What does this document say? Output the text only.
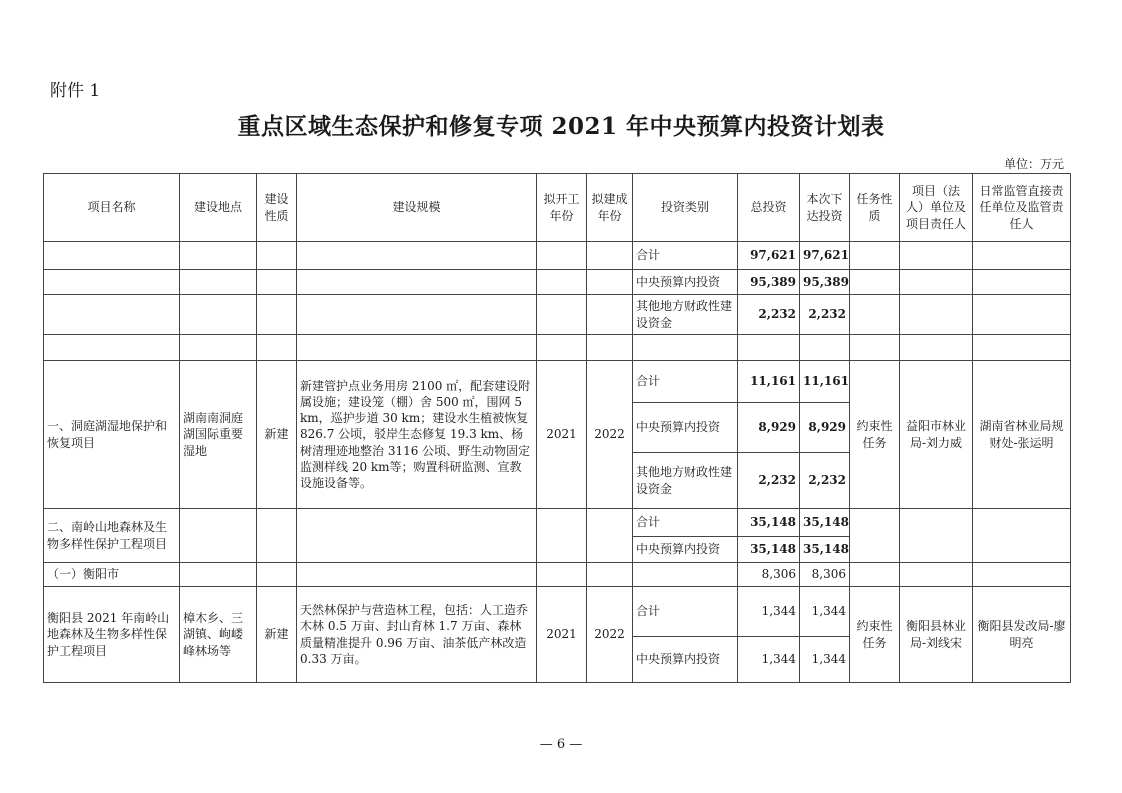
附件 1
重点区域生态保护和修复专项 2021 年中央预算内投资计划表
单位：万元
项目名称	建设地点	建设性质	建设规模	拟开工年份	拟建成年份	投资类别	总投资	本次下达投资	任务性质	项目（法人）单位及项目责任人	日常监管直接责任单位及监管责任人
						合计	97,621	97,621			
						中央预算内投资	95,389	95,389			
						其他地方财政性建设资金	2,232	2,232			

一、洞庭湖湿地保护和恢复项目	湖南南洞庭湖国际重要湿地	新建	新建管护点业务用房 2100 ㎡，配套建设附属设施；建设笼（棚）舍 500 ㎡，围网 5 km，巡护步道 30 km；建设水生植被恢复 826.7 公顷，驳岸生态修复 19.3 km、杨树清理迹地整治 3116 公顷、野生动物固定监测样线 20 km等；购置科研监测、宣教设施设备等。	2021	2022	合计	11,161	11,161	约束性任务	益阳市林业局-刘力威	湖南省林业局规财处-张运明
						中央预算内投资	8,929	8,929			
						其他地方财政性建设资金	2,232	2,232			
二、南岭山地森林及生物多样性保护工程项目						合计	35,148	35,148			
						中央预算内投资	35,148	35,148			
（一）衡阳市							8,306	8,306			
衡阳县 2021 年南岭山地森林及生物多样性保护工程项目	樟木乡、三湖镇、岣嵝峰林场等	新建	天然林保护与营造林工程，包括：人工造乔木林 0.5 万亩、封山育林 1.7 万亩、森林质量精准提升 0.96 万亩、油茶低产林改造 0.33 万亩。	2021	2022	合计	1,344	1,344	约束性任务	衡阳县林业局-刘线宋	衡阳县发改局-廖明亮
						中央预算内投资	1,344	1,344			
— 6 —
